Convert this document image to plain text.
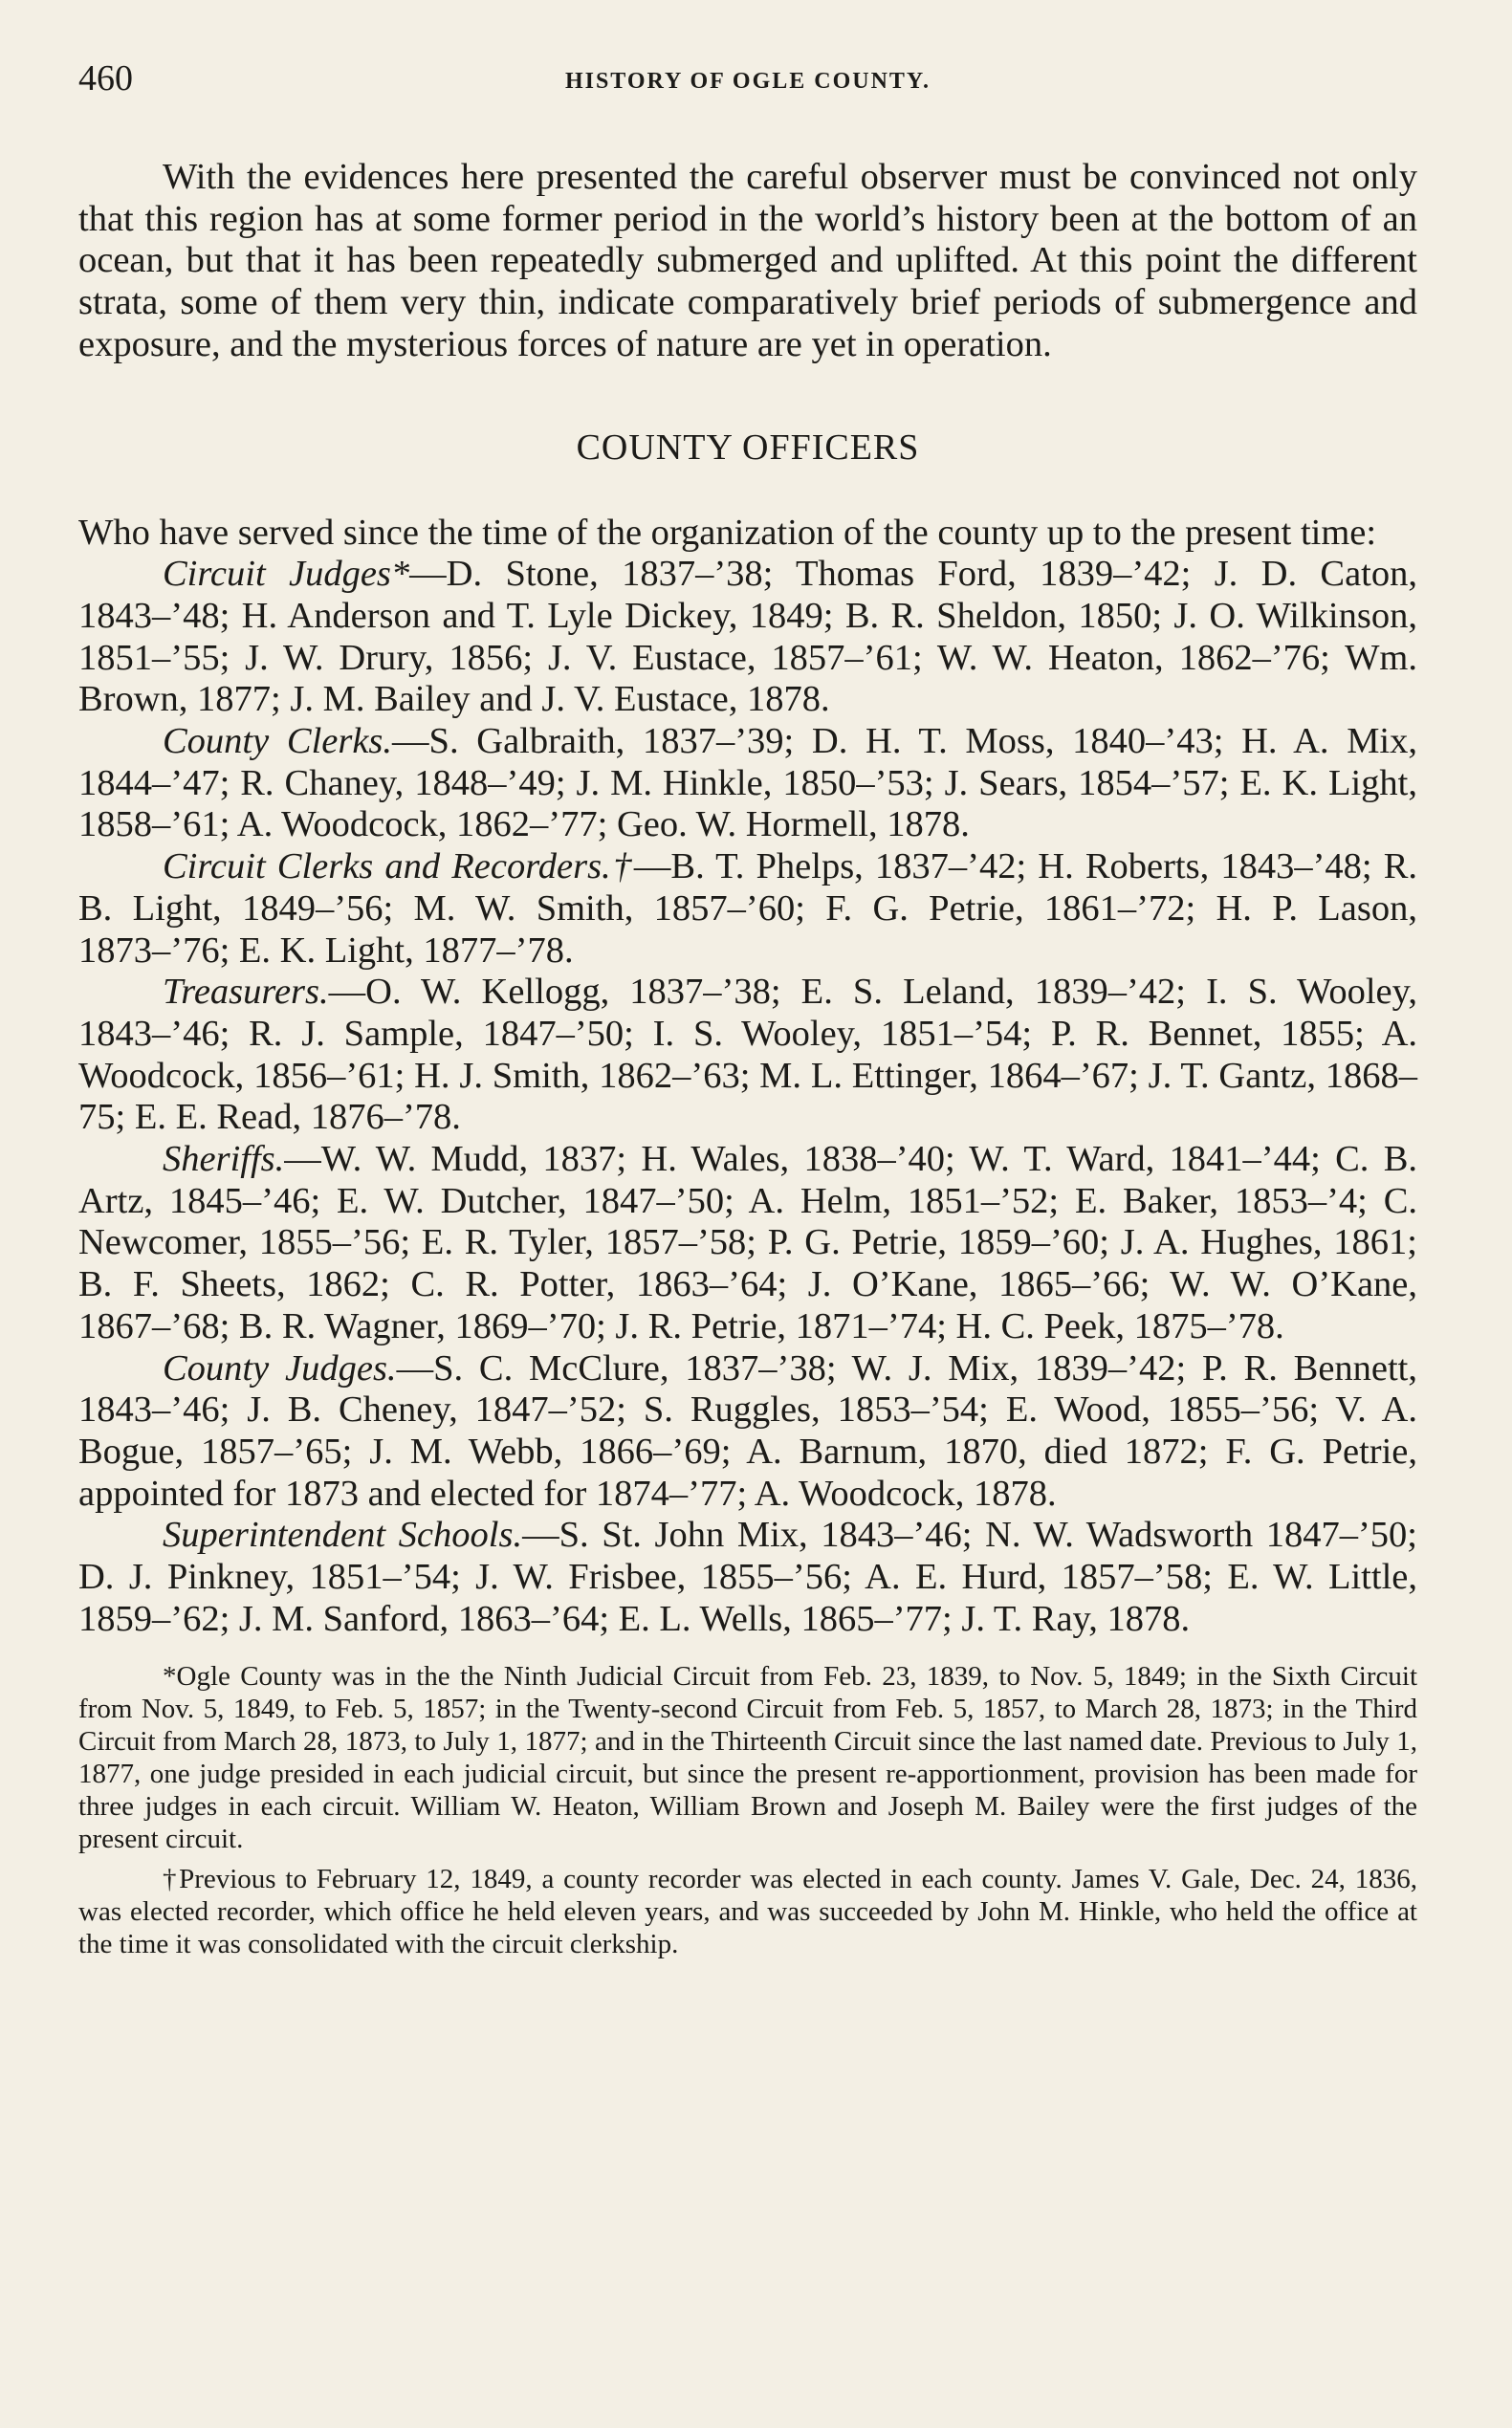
460	HISTORY OF OGLE COUNTY.

With the evidences here presented the careful observer must be convinced not only that this region has at some former period in the world’s history been at the bottom of an ocean, but that it has been repeatedly submerged and uplifted. At this point the different strata, some of them very thin, indicate comparatively brief periods of submergence and exposure, and the mysterious forces of nature are yet in operation.

COUNTY OFFICERS

Who have served since the time of the organization of the county up to the present time:

Circuit Judges*—D. Stone, 1837–’38; Thomas Ford, 1839–’42; J. D. Caton, 1843–’48; H. Anderson and T. Lyle Dickey, 1849; B. R. Sheldon, 1850; J. O. Wilkinson, 1851–’55; J. W. Drury, 1856; J. V. Eustace, 1857–’61; W. W. Heaton, 1862–’76; Wm. Brown, 1877; J. M. Bailey and J. V. Eustace, 1878.

County Clerks.—S. Galbraith, 1837–’39; D. H. T. Moss, 1840–’43; H. A. Mix, 1844–’47; R. Chaney, 1848–’49; J. M. Hinkle, 1850–’53; J. Sears, 1854–’57; E. K. Light, 1858–’61; A. Woodcock, 1862–’77; Geo. W. Hormell, 1878.

Circuit Clerks and Recorders.†—B. T. Phelps, 1837–’42; H. Roberts, 1843–’48; R. B. Light, 1849–’56; M. W. Smith, 1857–’60; F. G. Petrie, 1861–’72; H. P. Lason, 1873–’76; E. K. Light, 1877–’78.

Treasurers.—O. W. Kellogg, 1837–’38; E. S. Leland, 1839–’42; I. S. Wooley, 1843–’46; R. J. Sample, 1847–’50; I. S. Wooley, 1851–’54; P. R. Bennet, 1855; A. Woodcock, 1856–’61; H. J. Smith, 1862–’63; M. L. Ettinger, 1864–’67; J. T. Gantz, 1868–75; E. E. Read, 1876–’78.

Sheriffs.—W. W. Mudd, 1837; H. Wales, 1838–’40; W. T. Ward, 1841–’44; C. B. Artz, 1845–’46; E. W. Dutcher, 1847–’50; A. Helm, 1851–’52; E. Baker, 1853–’4; C. Newcomer, 1855–’56; E. R. Tyler, 1857–’58; P. G. Petrie, 1859–’60; J. A. Hughes, 1861; B. F. Sheets, 1862; C. R. Potter, 1863–’64; J. O’Kane, 1865–’66; W. W. O’Kane, 1867–’68; B. R. Wagner, 1869–’70; J. R. Petrie, 1871–’74; H. C. Peek, 1875–’78.

County Judges.—S. C. McClure, 1837–’38; W. J. Mix, 1839–’42; P. R. Bennett, 1843–’46; J. B. Cheney, 1847–’52; S. Ruggles, 1853–’54; E. Wood, 1855–’56; V. A. Bogue, 1857–’65; J. M. Webb, 1866–’69; A. Barnum, 1870, died 1872; F. G. Petrie, appointed for 1873 and elected for 1874–’77; A. Woodcock, 1878.

Superintendent Schools.—S. St. John Mix, 1843–’46; N. W. Wadsworth 1847–’50; D. J. Pinkney, 1851–’54; J. W. Frisbee, 1855–’56; A. E. Hurd, 1857–’58; E. W. Little, 1859–’62; J. M. Sanford, 1863–’64; E. L. Wells, 1865–’77; J. T. Ray, 1878.

*Ogle County was in the the Ninth Judicial Circuit from Feb. 23, 1839, to Nov. 5, 1849; in the Sixth Circuit from Nov. 5, 1849, to Feb. 5, 1857; in the Twenty-second Circuit from Feb. 5, 1857, to March 28, 1873; in the Third Circuit from March 28, 1873, to July 1, 1877; and in the Thirteenth Circuit since the last named date. Previous to July 1, 1877, one judge presided in each judicial circuit, but since the present re-apportionment, provision has been made for three judges in each circuit. William W. Heaton, William Brown and Joseph M. Bailey were the first judges of the present circuit.

†Previous to February 12, 1849, a county recorder was elected in each county. James V. Gale, Dec. 24, 1836, was elected recorder, which office he held eleven years, and was succeeded by John M. Hinkle, who held the office at the time it was consolidated with the circuit clerkship.
